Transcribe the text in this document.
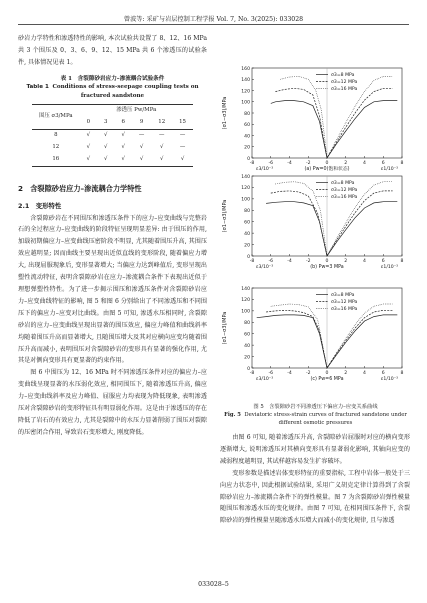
曾波等: 采矿与岩层控制工程学报 Vol. 7, No. 3(2025): 033028

砂岩力学特性和渗透特性的影响, 本次试验共设置了 8、12、16 MPa 共 3 个围压及 0、3、6、9、12、15 MPa 共 6 个渗透压的试验条件, 具体情况见表 1。

表 1　含裂隙砂岩应力–渗流耦合试验条件
Table 1 Conditions of stress-seepage coupling tests on fractured sandstone
围压 σ3/MPa	渗透压 Pw/MPa					
	0	3	6	9	12	15
8	√	√	√	—	—	—
12	√	√	√	√	√	—
16	√	√	√	√	√	√
2　含裂隙砂岩应力–渗流耦合力学特性
2.1　变形特性

含裂隙砂岩在不同围压和渗透压条件下的应力–应变曲线与完整岩石的全过程应力–应变曲线的阶段特征呈现明显差异: 由于围压的作用, 加载初期偏应力–应变曲线压密阶段不明显, 尤其随着围压升高, 其围压效应越明显; 因而曲线主要呈现出近似直线的变形阶段, 随着偏应力增大, 出现屈服现象后, 变形显著增大; 当偏应力达到峰值后, 变形呈现出塑性流动特征, 表明含裂隙砂岩在应力–渗流耦合条件下表现出近似于理想弹塑性特性。为了进一步揭示围压和渗透压条件对含裂隙砂岩应力–应变曲线特征的影响, 图 5 和图 6 分别给出了不同渗透压和不同围压下的偏应力–应变对比曲线。由图 5 可知, 渗透水压相同时, 含裂隙砂岩的应力–应变曲线呈现出显著的围压效应, 偏应力峰值和曲线斜率均随着围压升高而显著增大, 且随围压增大及其对应横向应变均随着围压升高而减小, 表明围压对含裂隙砂岩的变形具有显著的强化作用, 尤其是对侧向变形具有更显著的约束作用。

图 6 中围压为 12、16 MPa 时不同渗透压条件对应的偏应力–应变曲线呈现显著的水压弱化效应, 相同围压下, 随着渗透压升高, 偏应力–应变曲线斜率及应力峰值、屈服应力均表现为降低现象, 表明渗透压对含裂隙砂岩的变形特征具有明显弱化作用。这是由于渗透压的存在降低了岩石的有效应力, 尤其是裂隙中的水压力显著削弱了围压对裂隙的压密闭合作用, 导致岩石变形增大, 刚度降低。

0
20
40
60
80
100
120
140
160
-8	-6	-4	-2	0	2	4	6	8
(σ1−σ3)/MPa
ε3/10⁻³	ε1/10⁻³
(a) Pw=0(饱和状态)
σ3=8 MPa
σ3=12 MPa
σ3=16 MPa
0
20
40
60
80
100
120
140
-8	-6	-4	-2	0	2	4	6	8
(σ1−σ3)/MPa
ε3/10⁻³	ε1/10⁻³
(b) Pw=3 MPa
σ3=8 MPa
σ3=12 MPa
σ3=16 MPa
0
20
40
60
80
100
120
140
-8	-6	-4	-2	0	2	4	6	8
(σ1−σ3)/MPa
ε3/10⁻³	ε1/10⁻³
(c) Pw=6 MPa
σ3=8 MPa
σ3=12 MPa
σ3=16 MPa
图 5　含裂隙砂岩不同渗透压下偏应力–应变关系曲线
Fig. 5 Deviatoric stress-strain curves of fractured sandstone under different osmotic pressures

由图 6 可知, 随着渗透压升高, 含裂隙砂岩屈服时对应的横向变形逐渐增大, 说明渗透压对其横向变形具有显著弱化影响, 其轴向应变的减弱程度越明显, 其试样越容易发生扩容破坏。

变形参数是描述岩体变形特征的重要指标, 工程中岩体一般处于三向应力状态中, 因此根据试验结果, 采用广义胡克定律计算得到了含裂隙砂岩应力–渗流耦合条件下的弹性模量。图 7 为含裂隙砂岩弹性模量随围压和渗透水压的变化规律。由图 7 可知, 在相同围压条件下, 含裂隙砂岩的弹性模量呈随渗透水压增大而减小的变化规律, 且与渗透

033028–5
